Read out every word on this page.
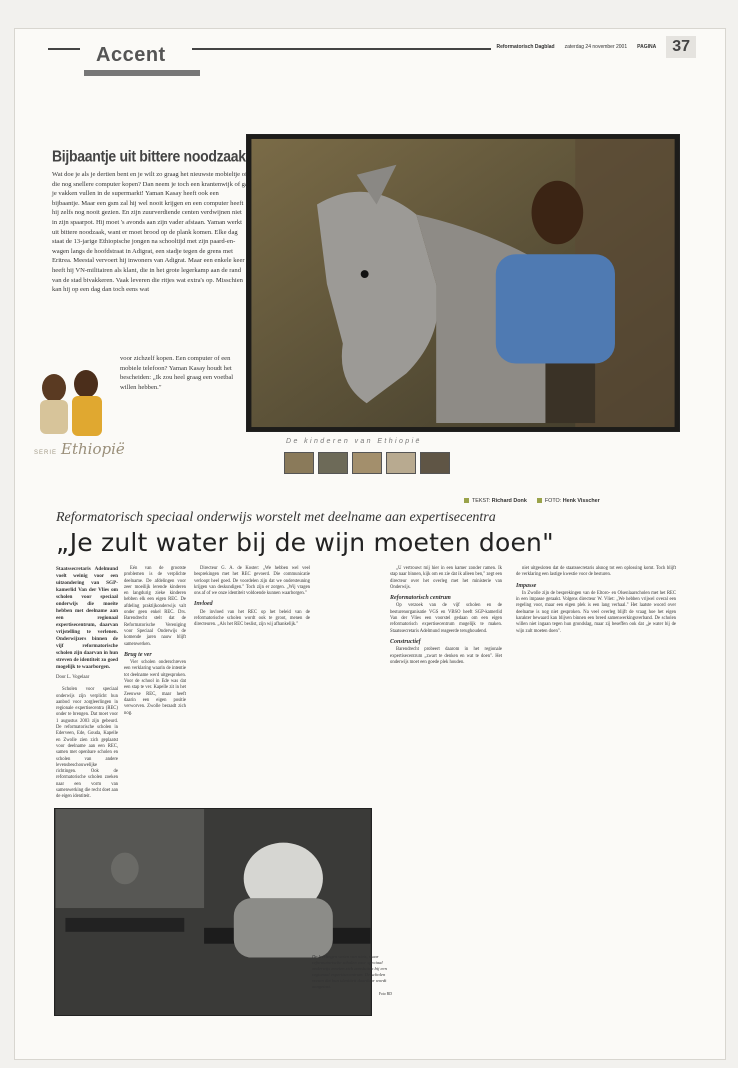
Accent	Reformatorisch Dagblad zaterdag 24 november 2001 PAGINA	37
Bijbaantje uit bittere noodzaak
Wat doe je als je dertien bent en je wilt zo graag het nieuwste mobieltje of die nog snellere computer kopen? Dan neem je toch een krantenwijk of ga je vakken vullen in de supermarkt! Yaman Kasay heeft ook een bijbaantje. Maar een gsm zal hij wel nooit krijgen en een computer heeft hij zelfs nog nooit gezien. En zijn zuurverdiende centen verdwijnen niet in zijn spaarpot. Hij moet 's avonds aan zijn vader afstaan. Yaman werkt uit bittere noodzaak, want er moet brood op de plank komen. Elke dag staat de 13-jarige Ethiopische jongen na schooltijd met zijn paard-en-wagen langs de hoofdstraat in Adigrat, een stadje tegen de grens met Eritrea. Meestal vervoert hij inwoners van Adigrat. Maar een enkele keer heeft hij VN-militairen als klant, die in het grote legerkamp aan de rand van de stad bivakkeren. Vaak leveren die ritjes wat extra's op. Misschien kan hij op een dag dan toch eens wat
voor zichzelf kopen. Een computer of een mobiele telefoon? Yaman Kasay houdt het bescheiden: „Ik zou heel graag een voetbal willen hebben."
SERIE Ethiopië	De kinderen van Ethiopië
TEKST: Richard Donk	FOTO: Henk Visscher
Reformatorisch speciaal onderwijs worstelt met deelname aan expertisecentra
„Je zult water bij de wijn moeten doen"

Staatssecretaris Adelmund voelt weinig voor een uitzondering van SGP-kamerlid Van der Vlies om scholen voor speciaal onderwijs die moeite hebben met deelname aan een regionaal expertisecentrum, daarvan vrijstelling te verlenen. Onderwijzers binnen de vijf reformatorische scholen zijn daarvan in hun streven de identiteit zo goed mogelijk te waarborgen.

Door L. Vogelaar

Scholen voor speciaal onderwijs zijn verplicht hun aanbod voor zorgleerlingen in regionale expertisecentra (REC) onder te brengen. Dat moet voor 1 augustus 2003 zijn gebeurd. De reformatorische scholen in Ederveen, Ede, Gouda, Kapelle en Zwolle zien zich geplaatst voor deelname aan een REC, samen met openbare scholen en scholen van andere levensbeschouwelijke richtingen. Ook de reformatorische scholen zoeken naar een vorm van samenwerking die recht doet aan de eigen identiteit.

Eén van de grootste problemen is de verplichte deelname. De afdelingen voor zeer moeilijk lerende kinderen en langdurig zieke kinderen hebben elk een eigen REC. De afdeling praktijkonderwijs valt onder geen enkel REC. Drs. Barendrecht stelt dat de Reformatorische Vereniging voor Speciaal Onderwijs de komende jaren nauw blijft samenwerken.

Brug te ver

Vier scholen onderschreven een verklaring waarin de intentie tot deelname werd uitgesproken. Voor de school in Ede was dat een stap te ver. Kapelle zit in het Zeeuwse REC, maar heeft daarin een eigen positie verworven. Zwolle beraadt zich nog.

Directeur G. A. de Koster: „We hebben wel veel besprekingen met het REC gevoerd. Die communicatie verloopt heel goed. De voordelen zijn dat we ondersteuning krijgen van deskundigen." Toch zijn er zorgen. „Wij vragen ons af of we onze identiteit voldoende kunnen waarborgen."

Invloed

De invloed van het REC op het beleid van de reformatorische scholen wordt ook te groot, menen de directeuren. „Als het REC beslist, zijn wij afhankelijk."

„U vertrouwt mij hier in een kamer zonder ramen. Ik stap naar binnen, kijk om en zie dat ik alleen ben," zegt een directeur over het overleg met het ministerie van Onderwijs.

Reformatorisch centrum

Op verzoek van de vijf scholen en de besturenorganisatie VGS en VBSO heeft SGP-kamerlid Van der Vlies een voorstel gedaan om een eigen reformatorisch expertisecentrum mogelijk te maken. Staatssecretaris Adelmund reageerde terughoudend.

Constructief

Barendrecht probeert daarom in het regionale expertisecentrum „zwart te denken en wat te doen". Het onderwijs moet een goede plek houden.

niet uitgesloten dat de staatssecretaris alsnog tot een oplossing komt. Toch blijft de verklaring een lastige kwestie voor de besturen.

Impasse

In Zwolle zijn de besprekingen van de Eltoro- en Olsenlaarscholen met het REC in een impasse geraakt. Volgens directeur W. Vliet: „We hebben vrijwel overal een regeling voor, maar een eigen plek is een lang verhaal." Het laatste woord over deelname is nog niet gesproken. Na veel overleg blijft de vraag hoe het eigen karakter bewaard kan blijven binnen een breed samenwerkingsverband. De scholen willen niet ingaan tegen hun grondslag, maar zij beseffen ook dat „je water bij de wijn zult moeten doen".

De leerlingen weten van niets, maar reformatorische scholen voor speciaal onderwijs moeten zich aansluiten bij een regionaal expertisecentrum. De scholen vrezen dat hun identiteit daardoor wordt aangetast.
Foto RD
